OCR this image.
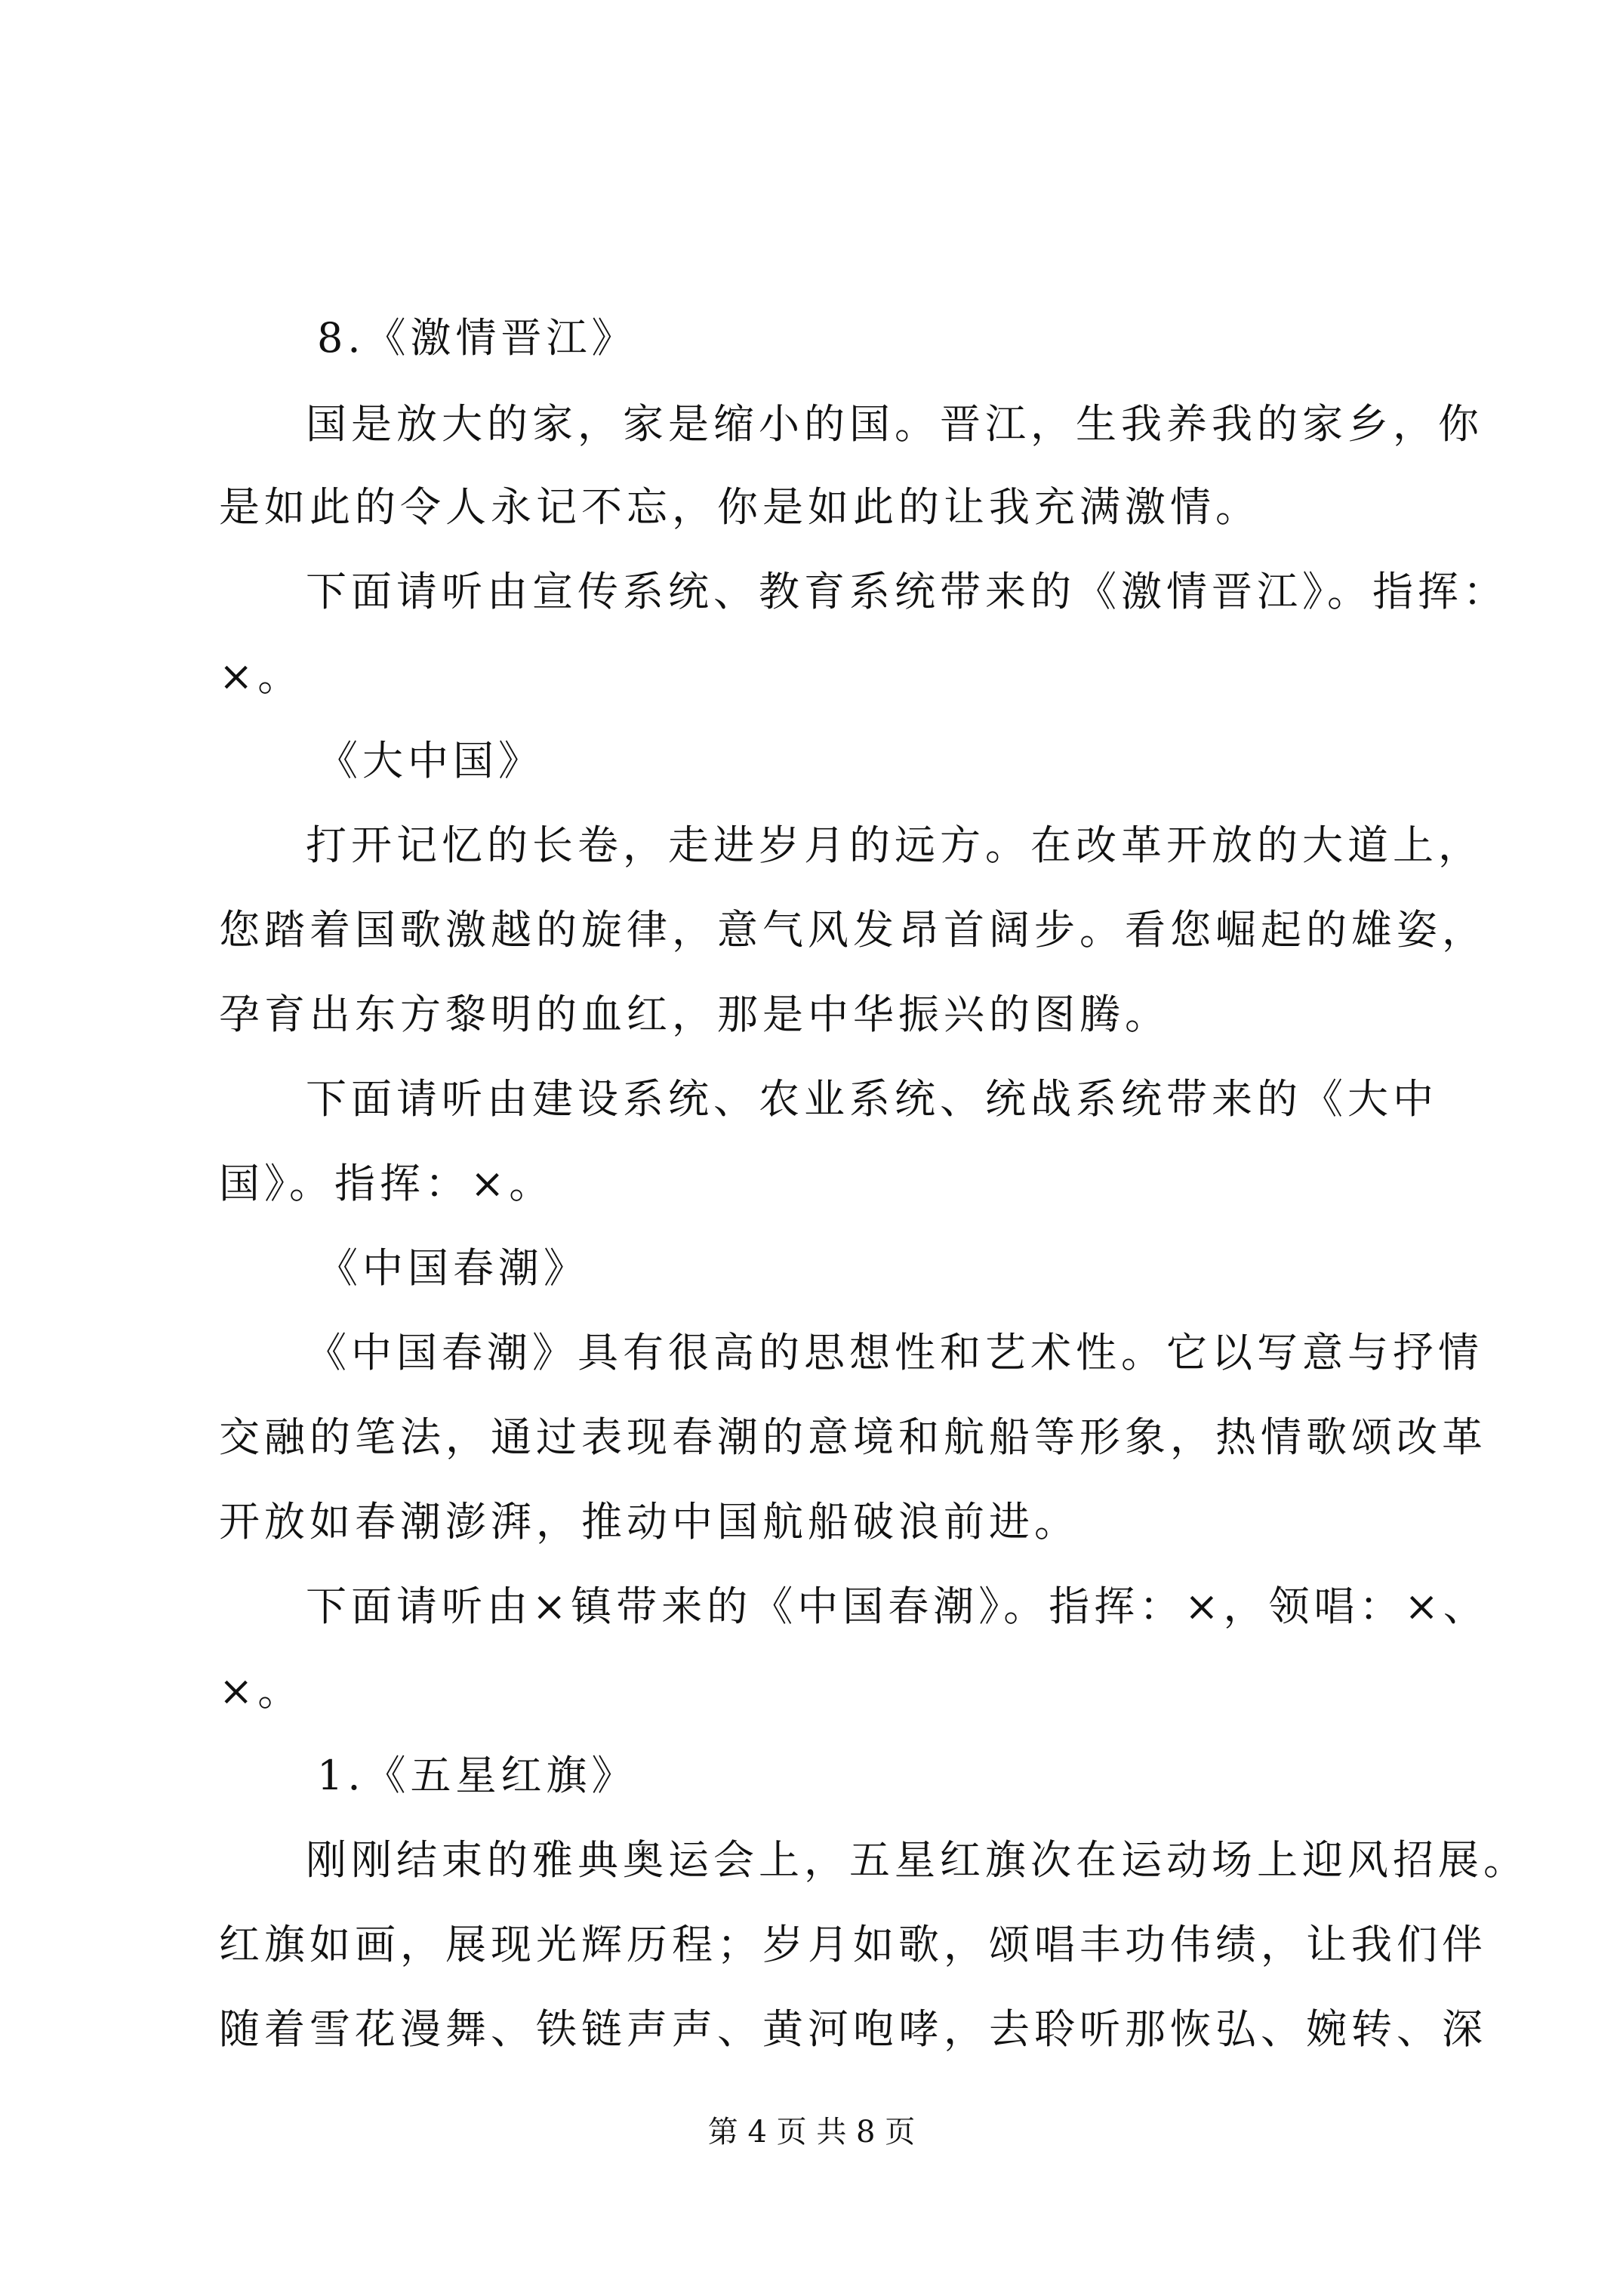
8.《激情晋江》
国是放大的家，家是缩小的国。晋江，生我养我的家乡，你
是如此的令人永记不忘，你是如此的让我充满激情。
下面请听由宣传系统、教育系统带来的《激情晋江》。指挥：
×。
《大中国》
打开记忆的长卷，走进岁月的远方。在改革开放的大道上，
您踏着国歌激越的旋律，意气风发昂首阔步。看您崛起的雄姿，
孕育出东方黎明的血红，那是中华振兴的图腾。
下面请听由建设系统、农业系统、统战系统带来的《大中
国》。指挥：×。
《中国春潮》
《中国春潮》具有很高的思想性和艺术性。它以写意与抒情
交融的笔法，通过表现春潮的意境和航船等形象，热情歌颂改革
开放如春潮澎湃，推动中国航船破浪前进。
下面请听由×镇带来的《中国春潮》。指挥：×，领唱：×、
×。
1.《五星红旗》
刚刚结束的雅典奥运会上，五星红旗次在运动场上迎风招展。
红旗如画，展现光辉历程；岁月如歌，颂唱丰功伟绩，让我们伴
随着雪花漫舞、铁链声声、黄河咆哮，去聆听那恢弘、婉转、深
第 4 页 共 8 页
